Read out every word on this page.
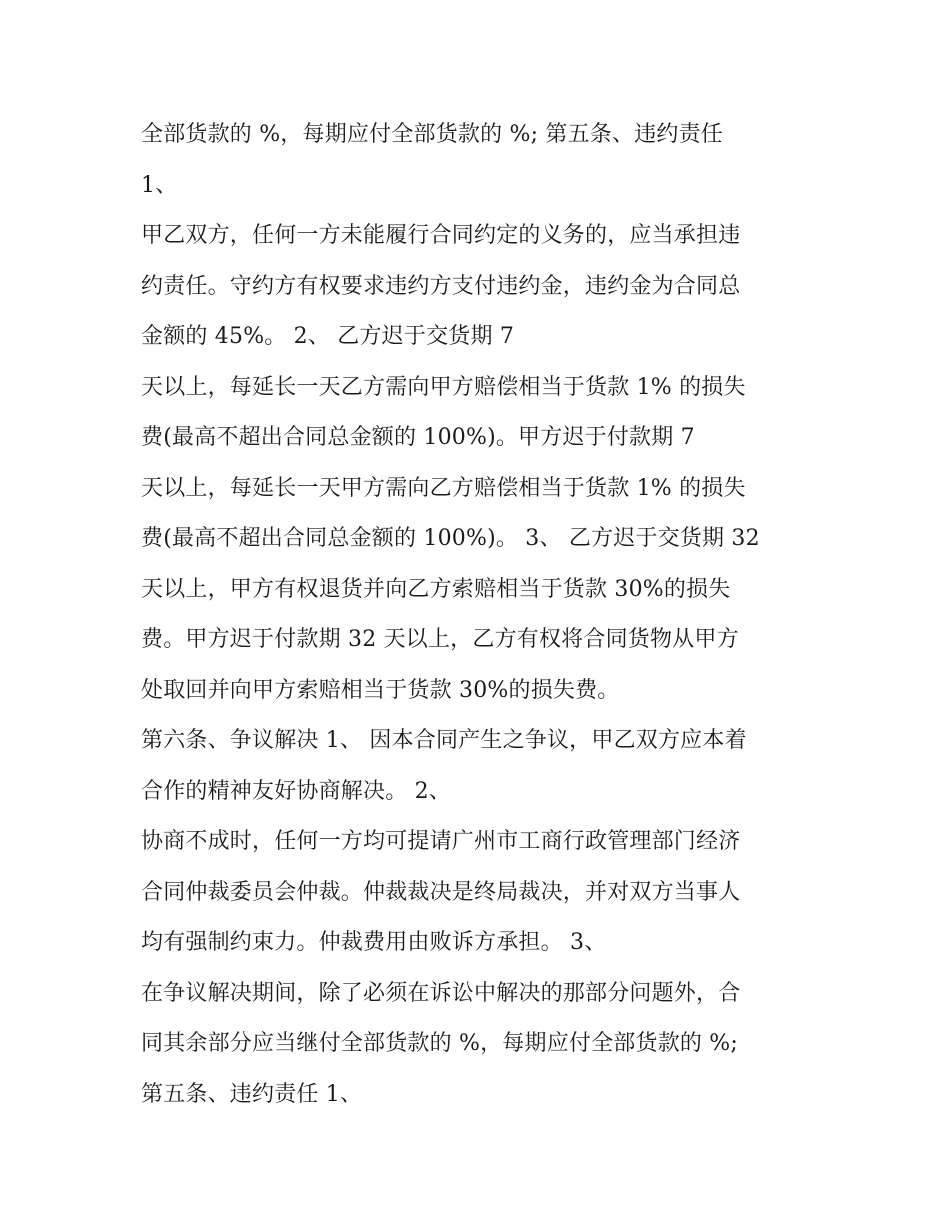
全部货款的 %，每期应付全部货款的 %; 第五条、违约责任
1、
甲乙双方，任何一方未能履行合同约定的义务的，应当承担违
约责任。守约方有权要求违约方支付违约金，违约金为合同总
金额的 45%。 2、 乙方迟于交货期 7
天以上，每延长一天乙方需向甲方赔偿相当于货款 1% 的损失
费(最高不超出合同总金额的 100%)。甲方迟于付款期 7
天以上，每延长一天甲方需向乙方赔偿相当于货款 1% 的损失
费(最高不超出合同总金额的 100%)。 3、 乙方迟于交货期 32
天以上，甲方有权退货并向乙方索赔相当于货款 30%的损失
费。甲方迟于付款期 32 天以上，乙方有权将合同货物从甲方
处取回并向甲方索赔相当于货款 30%的损失费。
第六条、争议解决 1、 因本合同产生之争议，甲乙双方应本着
合作的精神友好协商解决。 2、
协商不成时，任何一方均可提请广州市工商行政管理部门经济
合同仲裁委员会仲裁。仲裁裁决是终局裁决，并对双方当事人
均有强制约束力。仲裁费用由败诉方承担。 3、
在争议解决期间，除了必须在诉讼中解决的那部分问题外，合
同其余部分应当继付全部货款的 %，每期应付全部货款的 %;
第五条、违约责任 1、
